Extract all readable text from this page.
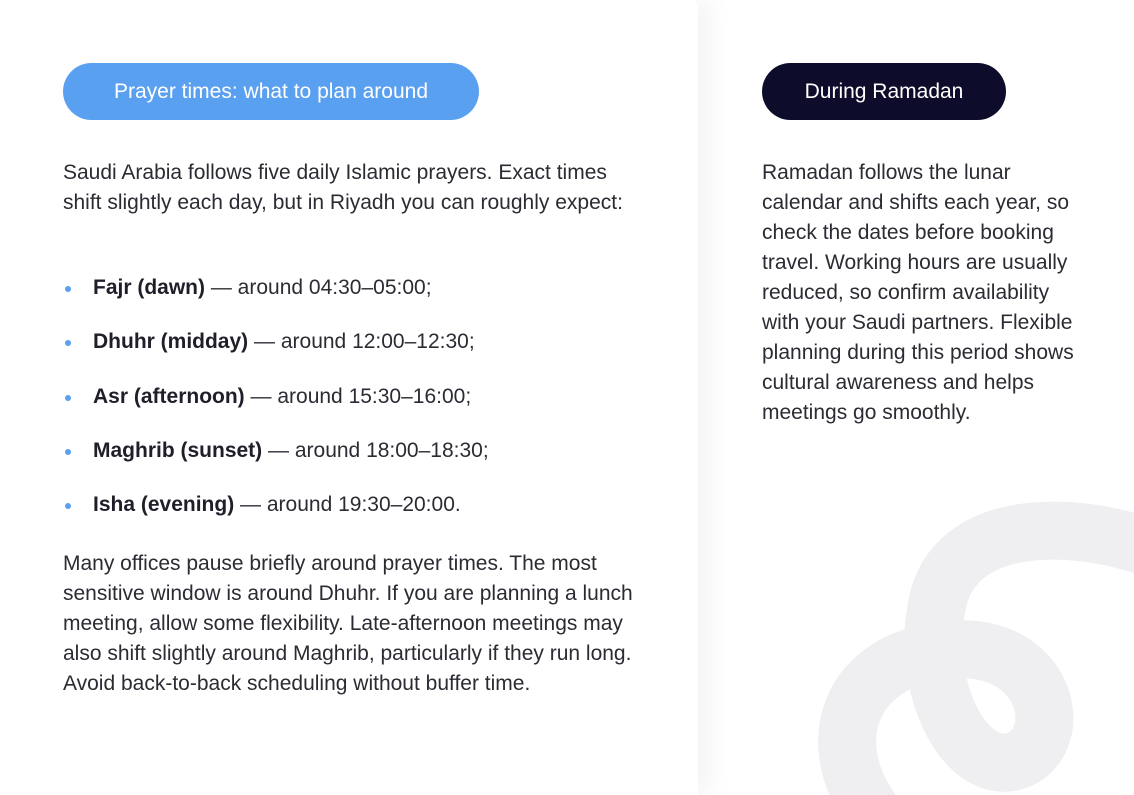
Prayer times: what to plan around

Saudi Arabia follows five daily Islamic prayers. Exact times shift slightly each day, but in Riyadh you can roughly expect:

Fajr (dawn) — around 04:30–05:00;
Dhuhr (midday) — around 12:00–12:30;
Asr (afternoon) — around 15:30–16:00;
Maghrib (sunset) — around 18:00–18:30;
Isha (evening) — around 19:30–20:00.

Many offices pause briefly around prayer times. The most sensitive window is around Dhuhr. If you are planning a lunch meeting, allow some flexibility. Late-afternoon meetings may also shift slightly around Maghrib, particularly if they run long. Avoid back-to-back scheduling without buffer time.

During Ramadan

Ramadan follows the lunar calendar and shifts each year, so check the dates before booking travel. Working hours are usually reduced, so confirm availability with your Saudi partners. Flexible planning during this period shows cultural awareness and helps meetings go smoothly.
